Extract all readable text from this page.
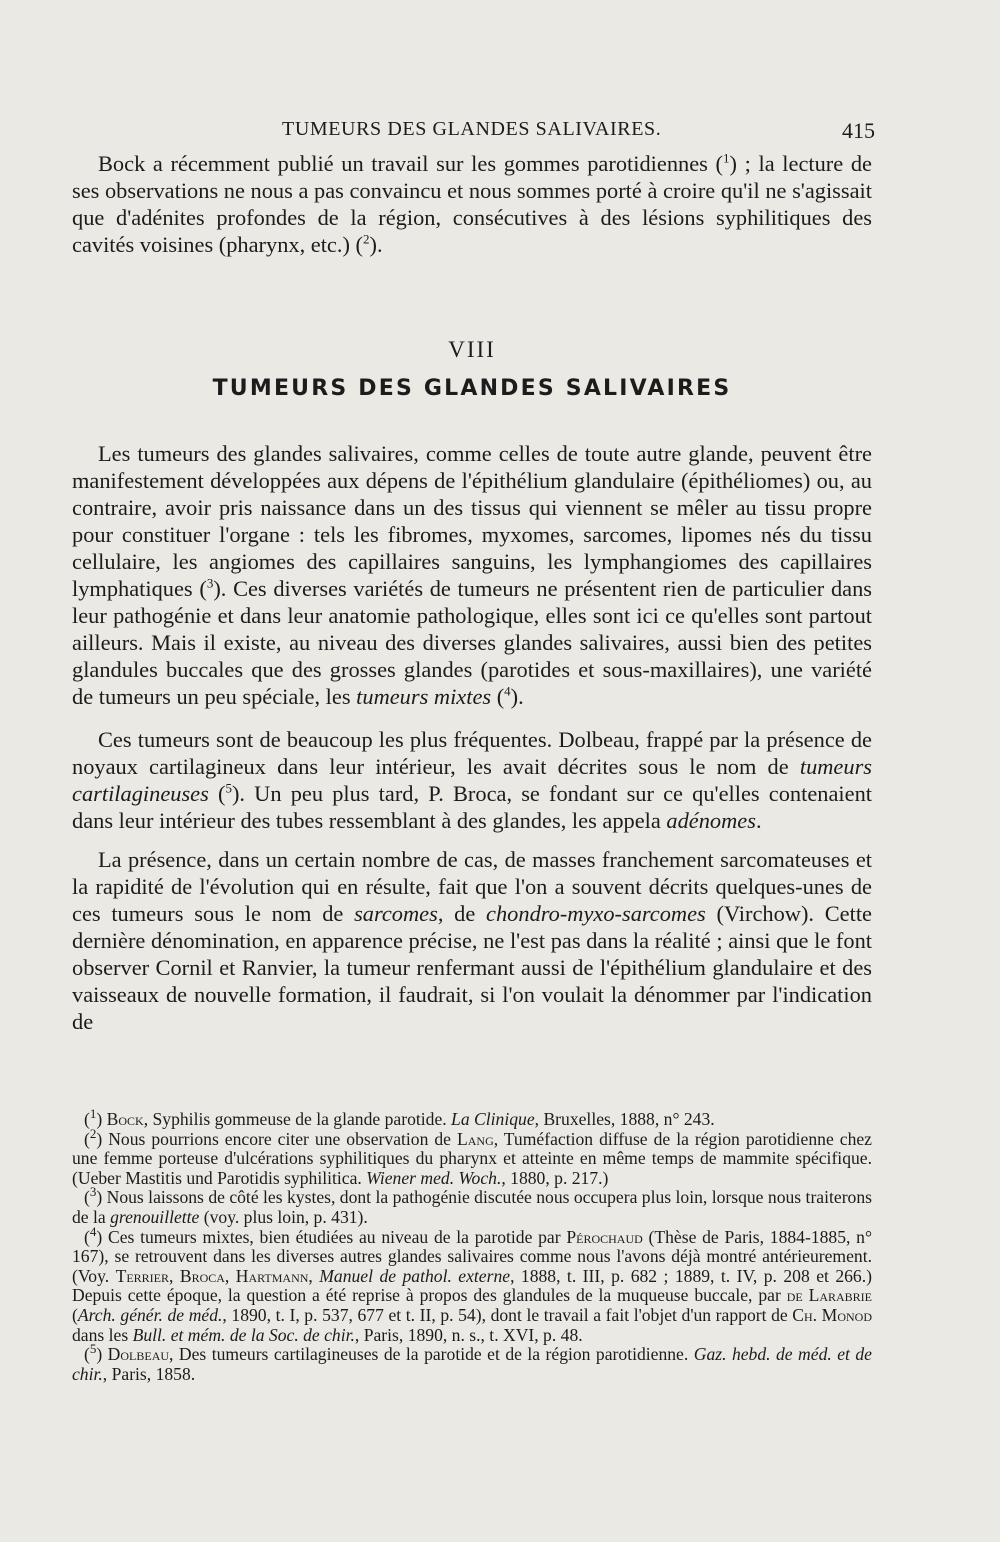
TUMEURS DES GLANDES SALIVAIRES.	415

Bock a récemment publié un travail sur les gommes parotidiennes ($^1$) ; la lecture de ses observations ne nous a pas convaincu et nous sommes porté à croire qu'il ne s'agissait que d'adénites profondes de la région, consécutives à des lésions syphilitiques des cavités voisines (pharynx, etc.) ($^2$).

VIII
TUMEURS DES GLANDES SALIVAIRES

Les tumeurs des glandes salivaires, comme celles de toute autre glande, peuvent être manifestement développées aux dépens de l'épithélium glandulaire (épithéliomes) ou, au contraire, avoir pris naissance dans un des tissus qui viennent se mêler au tissu propre pour constituer l'organe : tels les fibromes, myxomes, sarcomes, lipomes nés du tissu cellulaire, les angiomes des capillaires sanguins, les lymphangiomes des capillaires lymphatiques ($^3$). Ces diverses variétés de tumeurs ne présentent rien de particulier dans leur pathogénie et dans leur anatomie pathologique, elles sont ici ce qu'elles sont partout ailleurs. Mais il existe, au niveau des diverses glandes salivaires, aussi bien des petites glandules buccales que des grosses glandes (parotides et sous-maxillaires), une variété de tumeurs un peu spéciale, les tumeurs mixtes ($^4$).

Ces tumeurs sont de beaucoup les plus fréquentes. Dolbeau, frappé par la présence de noyaux cartilagineux dans leur intérieur, les avait décrites sous le nom de tumeurs cartilagineuses ($^5$). Un peu plus tard, P. Broca, se fondant sur ce qu'elles contenaient dans leur intérieur des tubes ressemblant à des glandes, les appela adénomes.

La présence, dans un certain nombre de cas, de masses franchement sarcomateuses et la rapidité de l'évolution qui en résulte, fait que l'on a souvent décrits quelques-unes de ces tumeurs sous le nom de sarcomes, de chondro-myxo-sarcomes (Virchow). Cette dernière dénomination, en apparence précise, ne l'est pas dans la réalité ; ainsi que le font observer Cornil et Ranvier, la tumeur renfermant aussi de l'épithélium glandulaire et des vaisseaux de nouvelle formation, il faudrait, si l'on voulait la dénommer par l'indication de

($^1$) Bock, Syphilis gommeuse de la glande parotide. La Clinique, Bruxelles, 1888, n° 243.

($^2$) Nous pourrions encore citer une observation de Lang, Tuméfaction diffuse de la région parotidienne chez une femme porteuse d'ulcérations syphilitiques du pharynx et atteinte en même temps de mammite spécifique. (Ueber Mastitis und Parotidis syphilitica. Wiener med. Woch., 1880, p. 217.)

($^3$) Nous laissons de côté les kystes, dont la pathogénie discutée nous occupera plus loin, lorsque nous traiterons de la grenouillette (voy. plus loin, p. 431).

($^4$) Ces tumeurs mixtes, bien étudiées au niveau de la parotide par Pérochaud (Thèse de Paris, 1884-1885, n° 167), se retrouvent dans les diverses autres glandes salivaires comme nous l'avons déjà montré antérieurement. (Voy. Terrier, Broca, Hartmann, Manuel de pathol. externe, 1888, t. III, p. 682 ; 1889, t. IV, p. 208 et 266.) Depuis cette époque, la question a été reprise à propos des glandules de la muqueuse buccale, par de Larabrie (Arch. génér. de méd., 1890, t. I, p. 537, 677 et t. II, p. 54), dont le travail a fait l'objet d'un rapport de Ch. Monod dans les Bull. et mém. de la Soc. de chir., Paris, 1890, n. s., t. XVI, p. 48.

($^5$) Dolbeau, Des tumeurs cartilagineuses de la parotide et de la région parotidienne. Gaz. hebd. de méd. et de chir., Paris, 1858.
